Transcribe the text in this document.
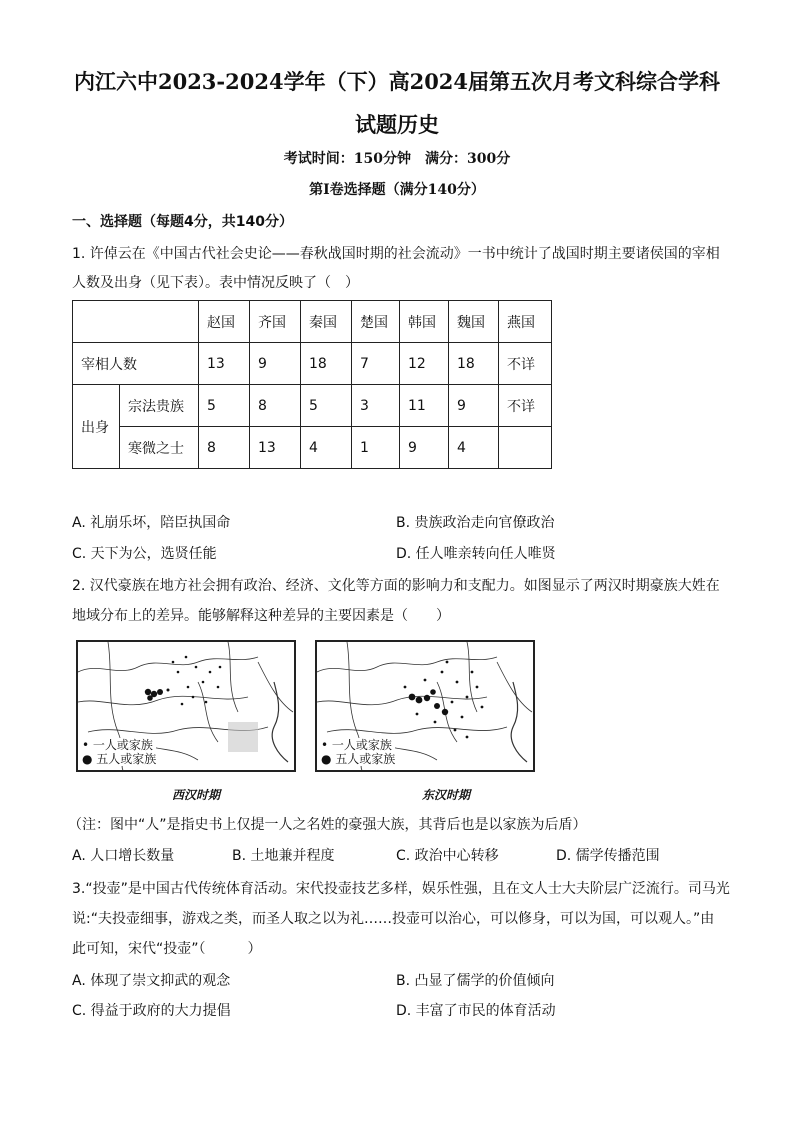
内江六中2023-2024学年（下）高2024届第五次月考文科综合学科
试题历史
考试时间：150分钟　满分：300分
第Ⅰ卷选择题（满分140分）
一、选择题（每题4分，共140分）
1. 许倬云在《中国古代社会史论——春秋战国时期的社会流动》一书中统计了战国时期主要诸侯国的宰相
人数及出身（见下表）。表中情况反映了（　）
		赵国	齐国	秦国	楚国	韩国	魏国	燕国
宰相人数		13	9	18	7	12	18	不详
出身	宗法贵族	5	8	5	3	11	9	不详
	寒微之士	8	13	4	1	9	4	
A. 礼崩乐坏，陪臣执国命	B. 贵族政治走向官僚政治
C. 天下为公，选贤任能	D. 任人唯亲转向任人唯贤
2. 汉代豪族在地方社会拥有政治、经济、文化等方面的影响力和支配力。如图显示了两汉时期豪族大姓在
地域分布上的差异。能够解释这种差异的主要因素是（　　）
• 一人或家族
● 五人或家族
• 一人或家族
● 五人或家族
西汉时期	东汉时期
（注：图中“人”是指史书上仅提一人之名姓的豪强大族，其背后也是以家族为后盾）
A. 人口增长数量	B. 土地兼并程度	C. 政治中心转移	D. 儒学传播范围
3.“投壶”是中国古代传统体育活动。宋代投壶技艺多样，娱乐性强，且在文人士大夫阶层广泛流行。司马光
说:“夫投壶细事，游戏之类，而圣人取之以为礼……投壶可以治心，可以修身，可以为国，可以观人。”由
此可知，宋代“投壶”（　　　）
A. 体现了崇文抑武的观念	B. 凸显了儒学的价值倾向
C. 得益于政府的大力提倡	D. 丰富了市民的体育活动
